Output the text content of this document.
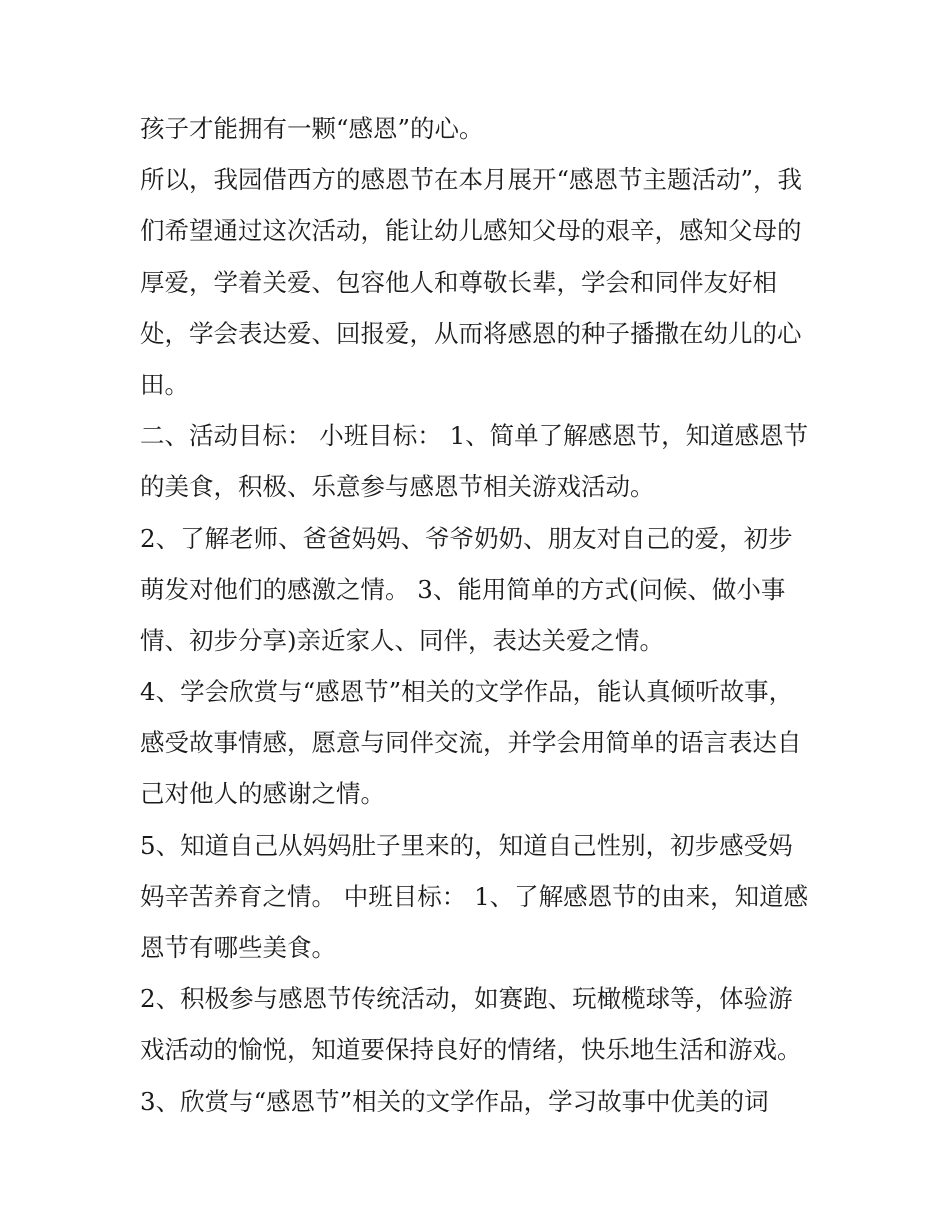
孩子才能拥有一颗“感恩”的心。
所以，我园借西方的感恩节在本月展开“感恩节主题活动”，我
们希望通过这次活动，能让幼儿感知父母的艰辛，感知父母的
厚爱，学着关爱、包容他人和尊敬长辈，学会和同伴友好相
处，学会表达爱、回报爱，从而将感恩的种子播撒在幼儿的心
田。
二、活动目标： 小班目标： 1、简单了解感恩节，知道感恩节
的美食，积极、乐意参与感恩节相关游戏活动。
2、了解老师、爸爸妈妈、爷爷奶奶、朋友对自己的爱，初步
萌发对他们的感激之情。 3、能用简单的方式(问候、做小事
情、初步分享)亲近家人、同伴，表达关爱之情。
4、学会欣赏与“感恩节”相关的文学作品，能认真倾听故事，
感受故事情感，愿意与同伴交流，并学会用简单的语言表达自
己对他人的感谢之情。
5、知道自己从妈妈肚子里来的，知道自己性别，初步感受妈
妈辛苦养育之情。 中班目标： 1、了解感恩节的由来，知道感
恩节有哪些美食。
2、积极参与感恩节传统活动，如赛跑、玩橄榄球等，体验游
戏活动的愉悦，知道要保持良好的情绪，快乐地生活和游戏。
3、欣赏与“感恩节”相关的文学作品，学习故事中优美的词
